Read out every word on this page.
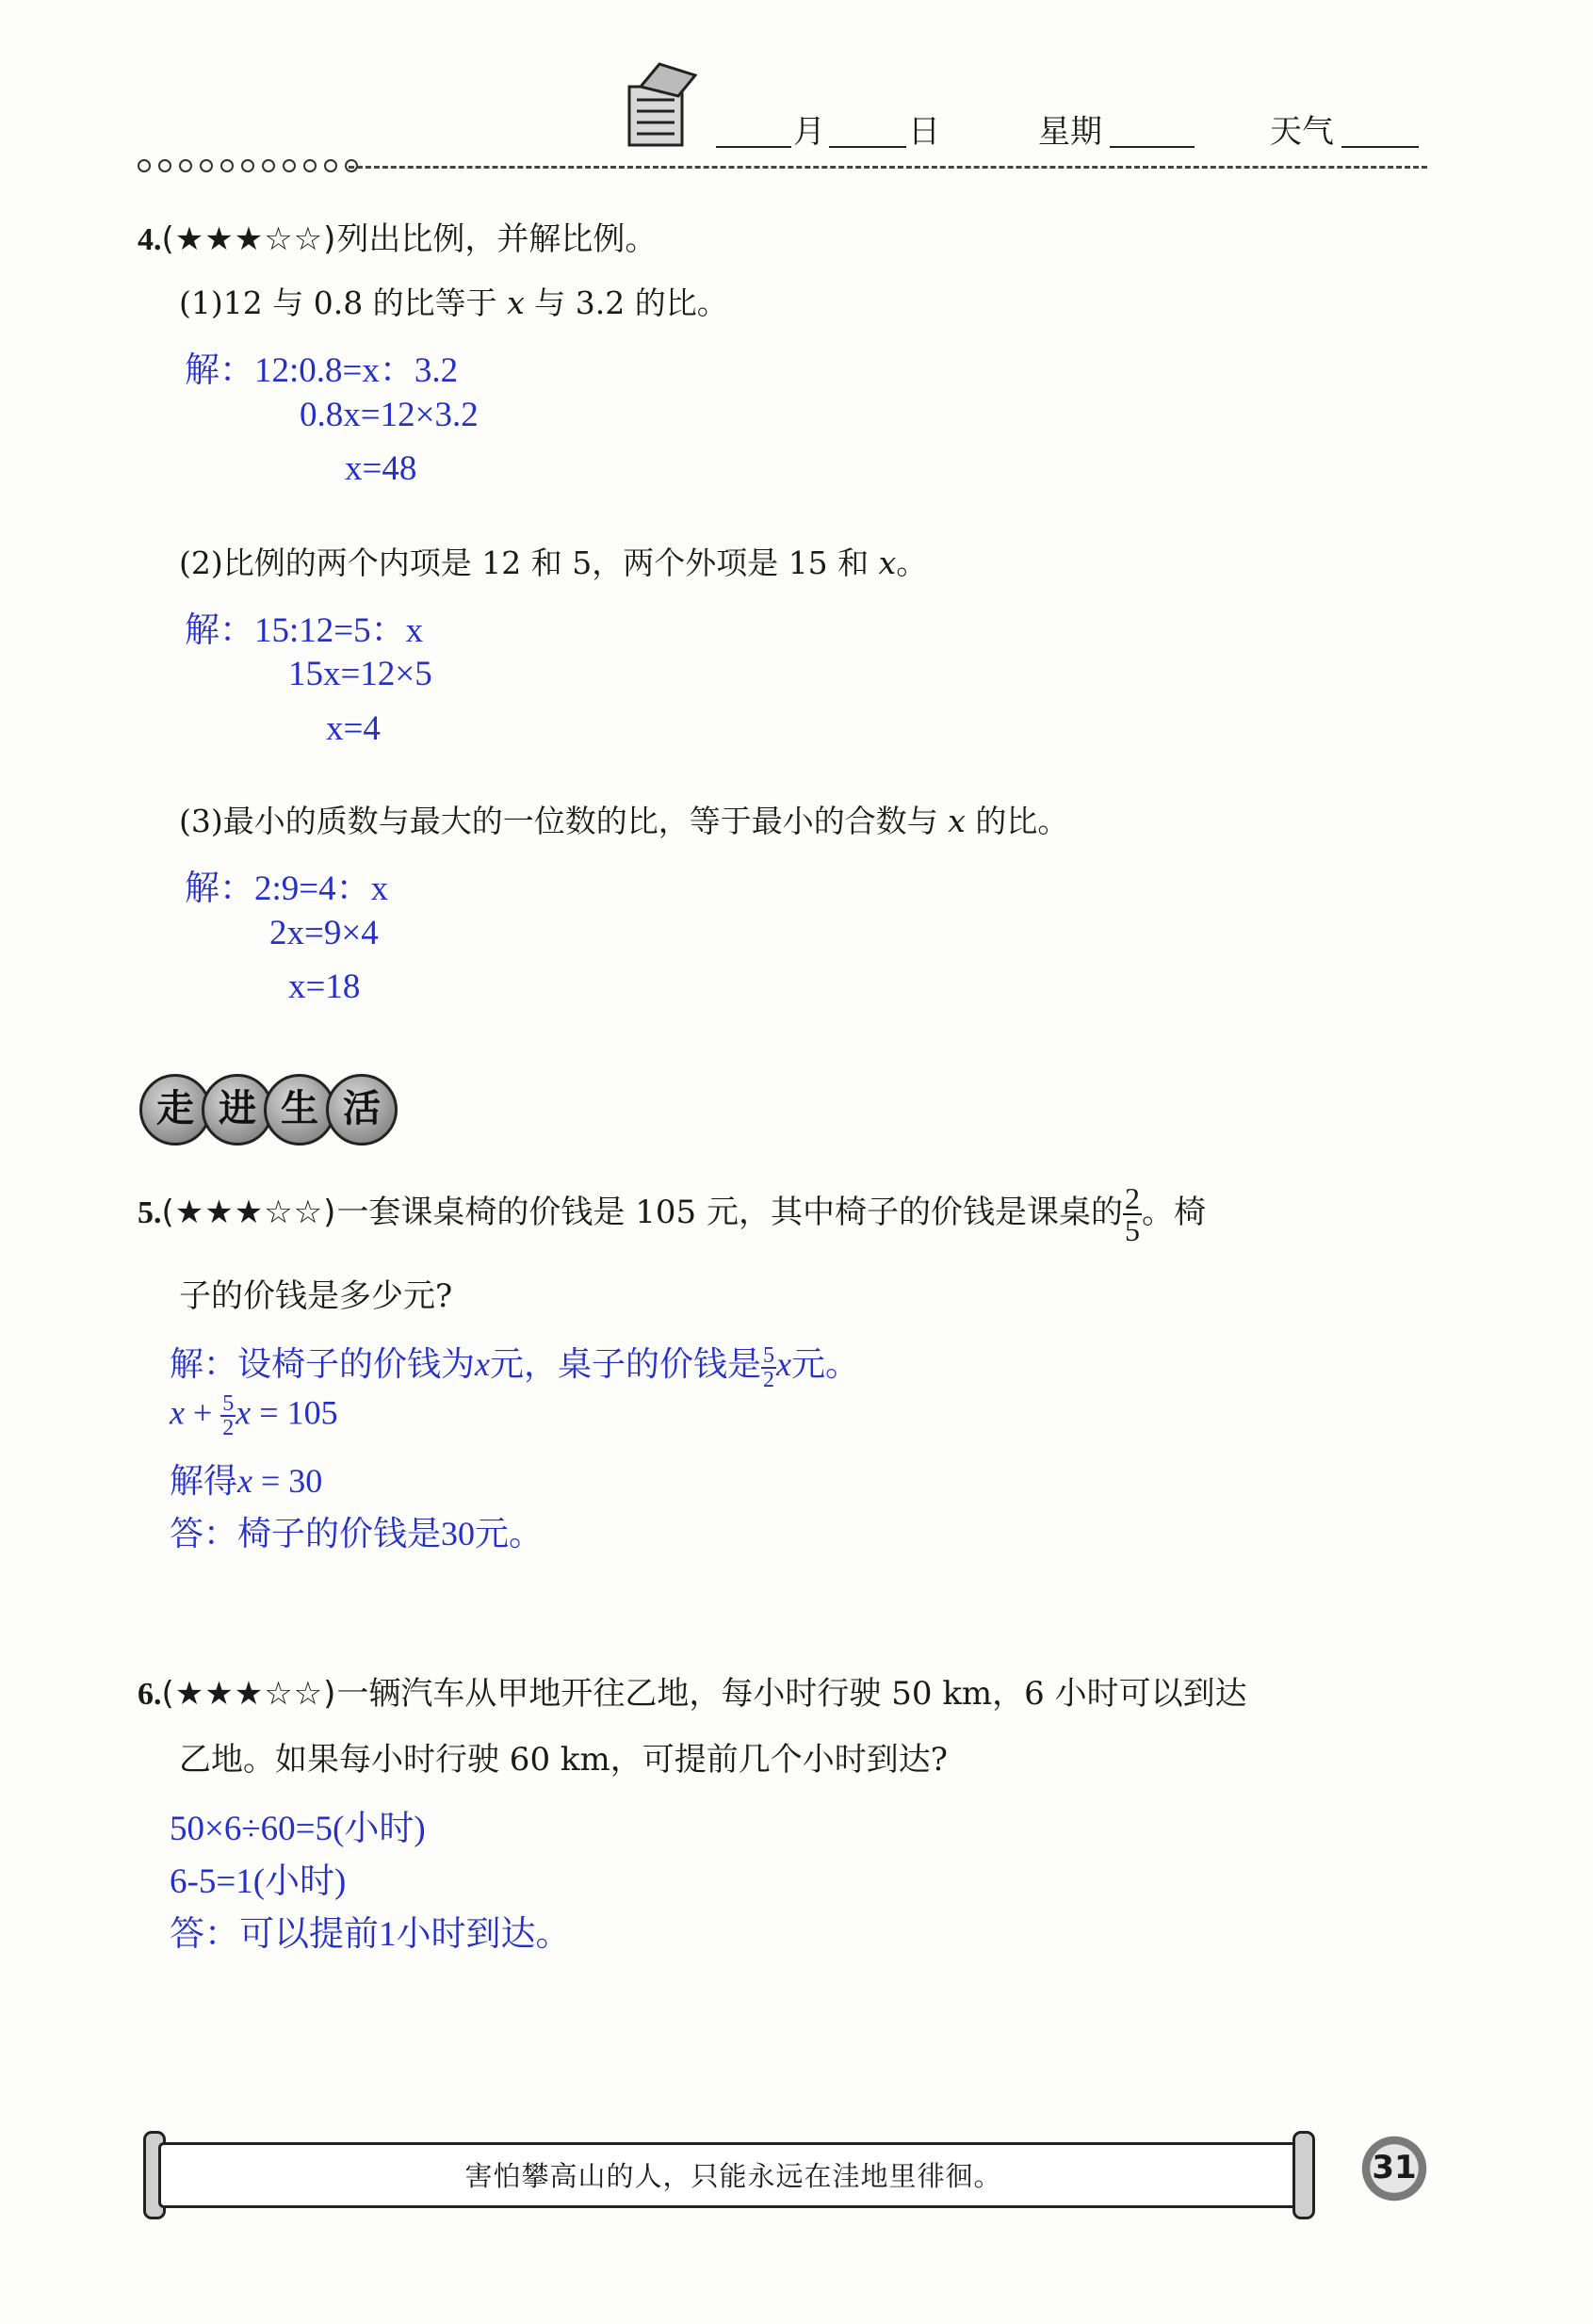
月	日	星期	天气
4.(★★★☆☆)列出比例，并解比例。
(1)12 与 0.8 的比等于 x 与 3.2 的比。
解：12:0.8=x：3.2
0.8x=12×3.2
x=48
(2)比例的两个内项是 12 和 5，两个外项是 15 和 x。
解：15:12=5：x
15x=12×5
x=4
(3)最小的质数与最大的一位数的比，等于最小的合数与 x 的比。
解：2:9=4：x
2x=9×4
x=18
走 进 生 活
5.(★★★☆☆)一套课桌椅的价钱是 105 元，其中椅子的价钱是课桌的 $\frac{2}{5}$ 。椅
子的价钱是多少元?
解：设椅子的价钱为x元，桌子的价钱是 $\frac{5}{2}$ x元。
$x + \frac{5}{2}$ x = 105
解得x = 30
答：椅子的价钱是30元。
6.(★★★☆☆)一辆汽车从甲地开往乙地，每小时行驶 50 km，6 小时可以到达
乙地。如果每小时行驶 60 km，可提前几个小时到达?
50×6÷60=5(小时)
6-5=1(小时)
答：可以提前1小时到达。
害怕攀高山的人，只能永远在洼地里徘徊。	31
